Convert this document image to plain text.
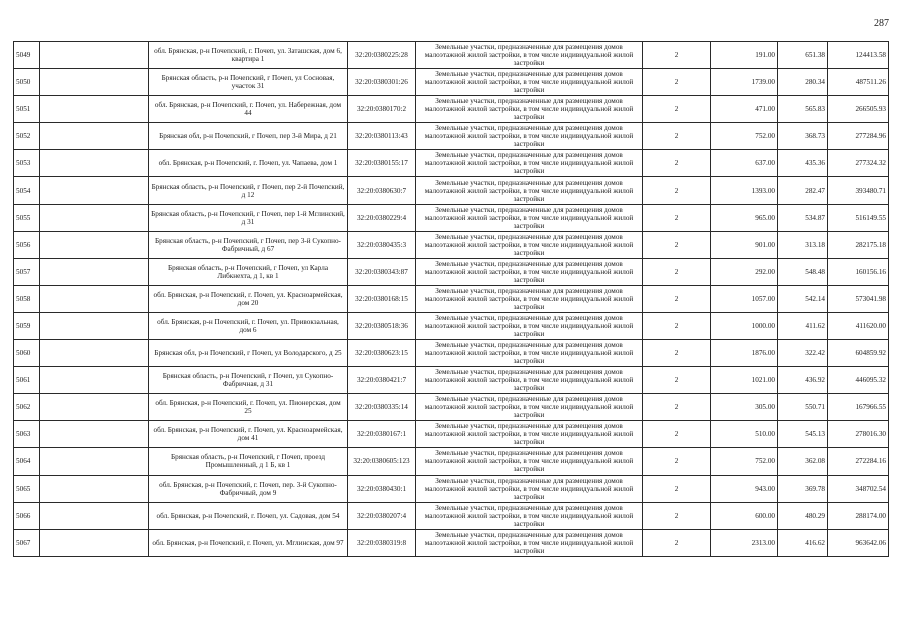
287
5049		обл. Брянская, р-н Почепский, г. Почеп, ул. Заташская, дом 6, квартира 1	32:20:0380225:28	Земельные участки, предназначенные для размещения домов малоэтажной жилой застройки, в том числе индивидуальной жилой застройки	2	191.00	651.38	124413.58
5050		Брянская область, р-н Почепский, г Почеп, ул Сосновая, участок 31	32:20:0380301:26	Земельные участки, предназначенные для размещения домов малоэтажной жилой застройки, в том числе индивидуальной жилой застройки	2	1739.00	280.34	487511.26
5051		обл. Брянская, р-н Почепский, г. Почеп, ул. Набережная, дом 44	32:20:0380170:2	Земельные участки, предназначенные для размещения домов малоэтажной жилой застройки, в том числе индивидуальной жилой застройки	2	471.00	565.83	266505.93
5052		Брянская обл, р-н Почепский, г Почеп, пер 3-й Мира, д 21	32:20:0380113:43	Земельные участки, предназначенные для размещения домов малоэтажной жилой застройки, в том числе индивидуальной жилой застройки	2	752.00	368.73	277284.96
5053		обл. Брянская, р-н Почепский, г. Почеп, ул. Чапаева, дом 1	32:20:0380155:17	Земельные участки, предназначенные для размещения домов малоэтажной жилой застройки, в том числе индивидуальной жилой застройки	2	637.00	435.36	277324.32
5054		Брянская область, р-н Почепский, г Почеп, пер 2-й Почепский, д 12	32:20:0380630:7	Земельные участки, предназначенные для размещения домов малоэтажной жилой застройки, в том числе индивидуальной жилой застройки	2	1393.00	282.47	393480.71
5055		Брянская область, р-н Почепский, г Почеп, пер 1-й Мглинский, д 31	32:20:0380229:4	Земельные участки, предназначенные для размещения домов малоэтажной жилой застройки, в том числе индивидуальной жилой застройки	2	965.00	534.87	516149.55
5056		Брянская область, р-н Почепский, г Почеп, пер 3-й Сукопно-Фабричный, д 67	32:20:0380435:3	Земельные участки, предназначенные для размещения домов малоэтажной жилой застройки, в том числе индивидуальной жилой застройки	2	901.00	313.18	282175.18
5057		Брянская область, р-н Почепский, г Почеп, ул Карла Либкнехта, д 1, кв 1	32:20:0380343:87	Земельные участки, предназначенные для размещения домов малоэтажной жилой застройки, в том числе индивидуальной жилой застройки	2	292.00	548.48	160156.16
5058		обл. Брянская, р-н Почепский, г. Почеп, ул. Красноармейская, дом 20	32:20:0380168:15	Земельные участки, предназначенные для размещения домов малоэтажной жилой застройки, в том числе индивидуальной жилой застройки	2	1057.00	542.14	573041.98
5059		обл. Брянская, р-н Почепский, г. Почеп, ул. Привокзальная, дом 6	32:20:0380518:36	Земельные участки, предназначенные для размещения домов малоэтажной жилой застройки, в том числе индивидуальной жилой застройки	2	1000.00	411.62	411620.00
5060		Брянская обл, р-н Почепский, г Почеп, ул Володарского, д 25	32:20:0380623:15	Земельные участки, предназначенные для размещения домов малоэтажной жилой застройки, в том числе индивидуальной жилой застройки	2	1876.00	322.42	604859.92
5061		Брянская область, р-н Почепский, г Почеп, ул Сукопно-Фабричная, д 31	32:20:0380421:7	Земельные участки, предназначенные для размещения домов малоэтажной жилой застройки, в том числе индивидуальной жилой застройки	2	1021.00	436.92	446095.32
5062		обл. Брянская, р-н Почепский, г. Почеп, ул. Пионерская, дом 25	32:20:0380335:14	Земельные участки, предназначенные для размещения домов малоэтажной жилой застройки, в том числе индивидуальной жилой застройки	2	305.00	550.71	167966.55
5063		обл. Брянская, р-н Почепский, г. Почеп, ул. Красноармейская, дом 41	32:20:0380167:1	Земельные участки, предназначенные для размещения домов малоэтажной жилой застройки, в том числе индивидуальной жилой застройки	2	510.00	545.13	278016.30
5064		Брянская область, р-н Почепский, г Почеп, проезд Промышленный, д 1 Б, кв 1	32:20:0380605:123	Земельные участки, предназначенные для размещения домов малоэтажной жилой застройки, в том числе индивидуальной жилой застройки	2	752.00	362.08	272284.16
5065		обл. Брянская, р-н Почепский, г. Почеп, пер. 3-й Сукопно-Фабричный, дом 9	32:20:0380430:1	Земельные участки, предназначенные для размещения домов малоэтажной жилой застройки, в том числе индивидуальной жилой застройки	2	943.00	369.78	348702.54
5066		обл. Брянская, р-н Почепский, г. Почеп, ул. Садовая, дом 54	32:20:0380207:4	Земельные участки, предназначенные для размещения домов малоэтажной жилой застройки, в том числе индивидуальной жилой застройки	2	600.00	480.29	288174.00
5067		обл. Брянская, р-н Почепский, г. Почеп, ул. Мглинская, дом 97	32:20:0380319:8	Земельные участки, предназначенные для размещения домов малоэтажной жилой застройки, в том числе индивидуальной жилой застройки	2	2313.00	416.62	963642.06
